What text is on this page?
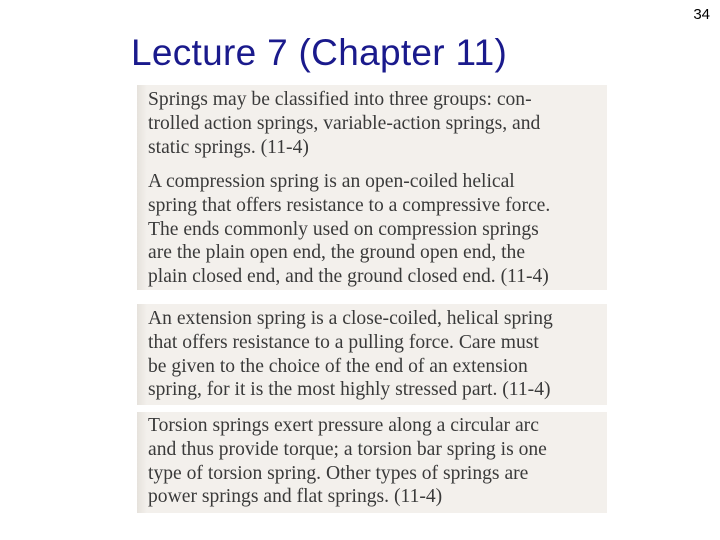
34
Lecture 7 (Chapter 11)
Springs may be classified into three groups: con-
trolled action springs, variable-action springs, and
static springs. (11-4)
A compression spring is an open-coiled helical
spring that offers resistance to a compressive force.
The ends commonly used on compression springs
are the plain open end, the ground open end, the
plain closed end, and the ground closed end. (11-4)
An extension spring is a close-coiled, helical spring
that offers resistance to a pulling force. Care must
be given to the choice of the end of an extension
spring, for it is the most highly stressed part. (11-4)
Torsion springs exert pressure along a circular arc
and thus provide torque; a torsion bar spring is one
type of torsion spring. Other types of springs are
power springs and flat springs. (11-4)
